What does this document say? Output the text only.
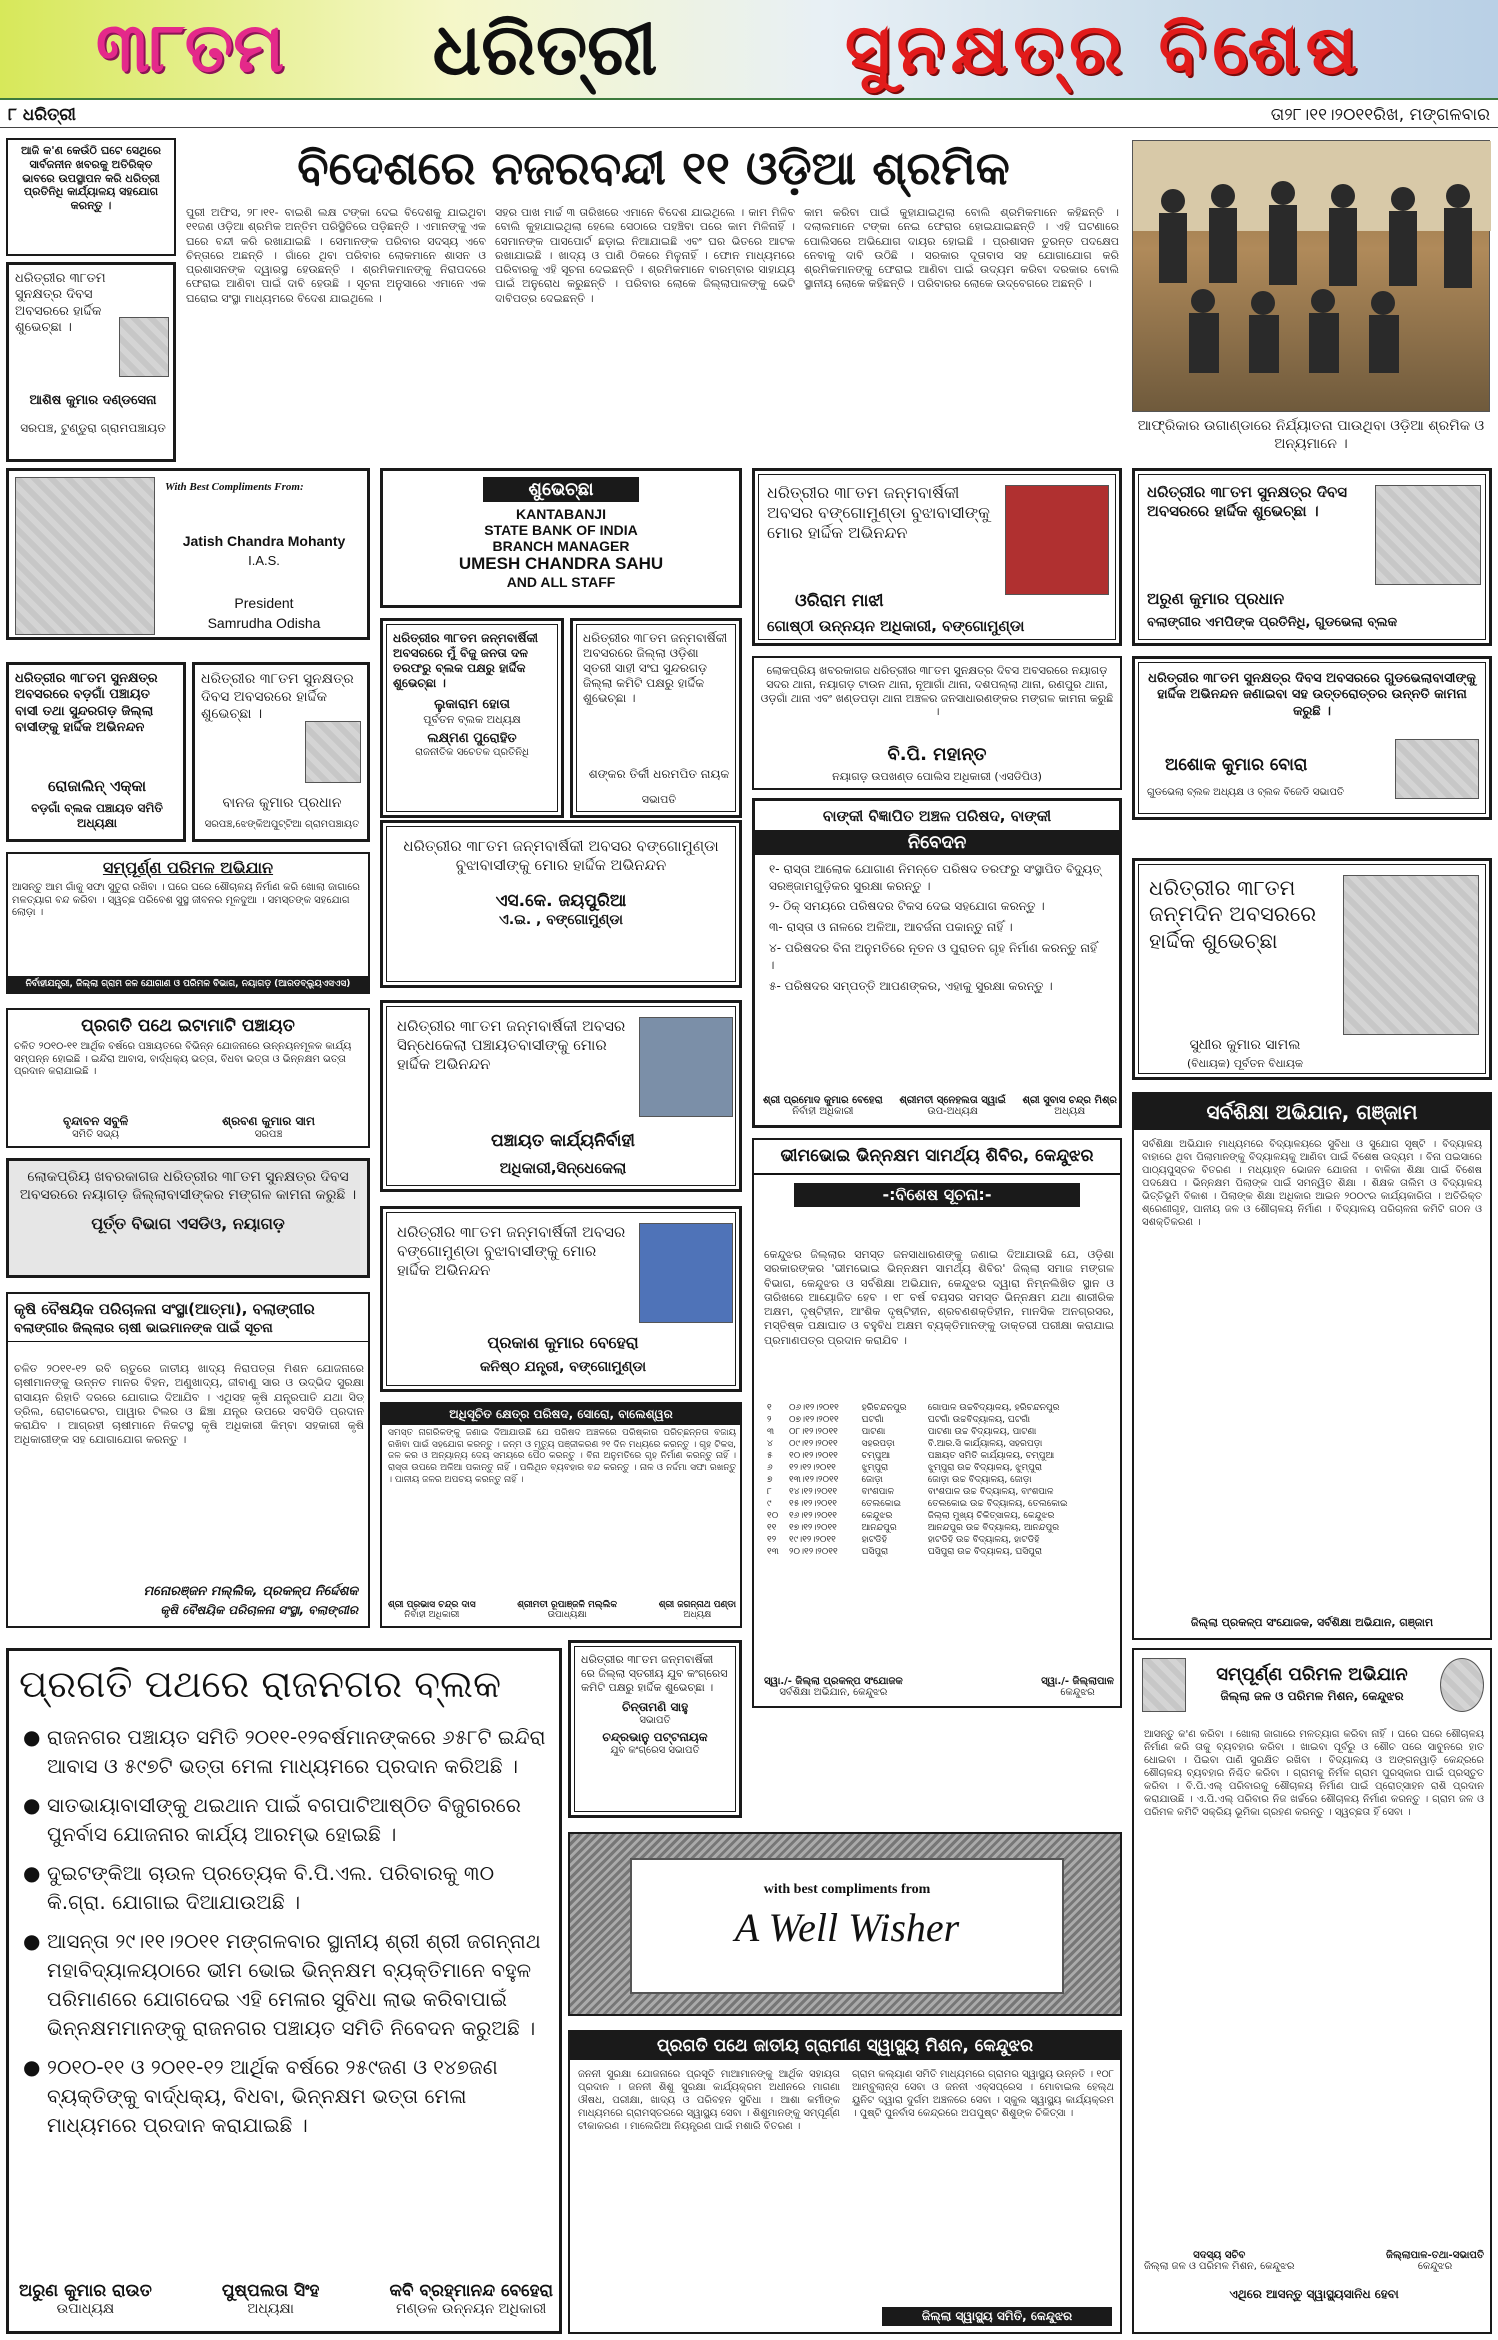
୩୮ତମ	ଧରିତ୍ରୀ	ସୁନକ୍ଷତ୍ର ବିଶେଷ
୮ ଧରିତ୍ରୀ	ତା୨୮।୧୧।୨୦୧୧ରିଖ, ମଙ୍ଗଳବାର
ଆଜି କ'ଣ କେଉଁଠି ଘଟେ ସେଥିରେ ସାର୍ବଜନୀନ ଖବରକୁ ଅତିରିକ୍ତ ଭାବରେ ଉପସ୍ଥାପନ କରି ଧରିତ୍ରୀ ପ୍ରତିନିଧି କାର୍ଯ୍ୟାଳୟ ସହଯୋଗ କରନ୍ତୁ ।
ଧରିତ୍ରୀର ୩୮ତମ ସୁନକ୍ଷତ୍ର ଦିବସ ଅବସରରେ ହାର୍ଦ୍ଦିକ ଶୁଭେଚ୍ଛା ।
ଆଶିଷ କୁମାର ଦଣ୍ଡସେନା
ସରପଞ୍ଚ, ଟୁଣ୍ଡୁରା ଗ୍ରାମପଞ୍ଚାୟତ
ବିଦେଶରେ ନଜରବନ୍ଦୀ ୧୧ ଓଡ଼ିଆ ଶ୍ରମିକ
ପୁରୀ ଅଫିସ, ୨୮।୧୧- ବାଇଶି ଲକ୍ଷ ଟଙ୍କା ଦେଇ ବିଦେଶକୁ ଯାଇଥିବା ୧୧ଜଣ ଓଡ଼ିଆ ଶ୍ରମିକ ଅନ୍ତିମ ପରିସ୍ଥିତିରେ ପଡ଼ିଛନ୍ତି । ଏମାନଙ୍କୁ ଏକ ଘରେ ବନ୍ଦୀ କରି ରଖାଯାଇଛି । ସେମାନଙ୍କ ପରିବାର ସଦସ୍ୟ ଏବେ ଚିନ୍ତାରେ ଅଛନ୍ତି । ଗାଁରେ ଥିବା ପରିବାର ଲୋକମାନେ ଶାସନ ଓ ପ୍ରଶାସନଙ୍କ ଦ୍ୱାରସ୍ଥ ହେଉଛନ୍ତି । ଶ୍ରମିକମାନଙ୍କୁ ନିରାପଦରେ ଫେରାଇ ଆଣିବା ପାଇଁ ଦାବି ହେଉଛି । ସୂଚନା ଅନୁସାରେ ଏମାନେ ଏକ ଘରୋଇ ସଂସ୍ଥା ମାଧ୍ୟମରେ ବିଦେଶ ଯାଇଥିଲେ ।
ସହର ପାଖ ମାର୍ଚ୍ଚ ୩ ତାରିଖରେ ଏମାନେ ବିଦେଶ ଯାଇଥିଲେ । କାମ ମିଳିବ ବୋଲି କୁହାଯାଇଥିଲା ହେଲେ ସେଠାରେ ପହଞ୍ଚିବା ପରେ କାମ ମିଳିନାହିଁ । ସେମାନଙ୍କ ପାସପୋର୍ଟ ଛଡ଼ାଇ ନିଆଯାଇଛି ଏବଂ ଘର ଭିତରେ ଆଟକ ରଖାଯାଇଛି । ଖାଦ୍ୟ ଓ ପାଣି ଠିକରେ ମିଳୁନାହିଁ । ଫୋନ ମାଧ୍ୟମରେ ପରିବାରକୁ ଏହି ସୂଚନା ଦେଇଛନ୍ତି । ଶ୍ରମିକମାନେ ବାରମ୍ବାର ସାହାଯ୍ୟ ପାଇଁ ଅନୁରୋଧ କରୁଛନ୍ତି । ପରିବାର ଲୋକେ ଜିଲ୍ଲାପାଳଙ୍କୁ ଭେଟି ଦାବିପତ୍ର ଦେଇଛନ୍ତି ।
କାମ କରିବା ପାଇଁ କୁହାଯାଇଥିଲା ବୋଲି ଶ୍ରମିକମାନେ କହିଛନ୍ତି । ଦଲାଲମାନେ ଟଙ୍କା ନେଇ ଫେରାର ହୋଇଯାଇଛନ୍ତି । ଏହି ଘଟଣାରେ ପୋଲିସରେ ଅଭିଯୋଗ ଦାୟର ହୋଇଛି । ପ୍ରଶାସନ ତୁରନ୍ତ ପଦକ୍ଷେପ ନେବାକୁ ଦାବି ଉଠିଛି । ସରକାର ଦୂତାବାସ ସହ ଯୋଗାଯୋଗ କରି ଶ୍ରମିକମାନଙ୍କୁ ଫେରାଇ ଆଣିବା ପାଇଁ ଉଦ୍ୟମ କରିବା ଦରକାର ବୋଲି ସ୍ଥାନୀୟ ଲୋକେ କହିଛନ୍ତି । ପରିବାରର ଲୋକେ ଉଦ୍‌ବେଗରେ ଅଛନ୍ତି ।
ଆଫ୍ରିକାର ଉଗାଣ୍ଡାରେ ନିର୍ଯ୍ୟାତନା ପାଉଥିବା ଓଡ଼ିଆ ଶ୍ରମିକ ଓ ଅନ୍ୟମାନେ ।
With Best Compliments From:
Jatish Chandra Mohanty
I.A.S.
President
Samrudha Odisha
ଶୁଭେଚ୍ଛା
KANTABANJI
STATE BANK OF INDIA
BRANCH MANAGER
UMESH CHANDRA SAHU
AND ALL STAFF
ଧରିତ୍ରୀର ୩୮ତମ ଜନ୍ମବାର୍ଷିକୀ ଅବସର ବଙ୍ଗୋମୁଣ୍ଡା ବୁଝାବାସୀଙ୍କୁ ମୋର ହାର୍ଦ୍ଦିକ ଅଭିନନ୍ଦନ
ଓରିରାମ ମାଝୀ
ଗୋଷ୍ଠୀ ଉନ୍ନୟନ ଅଧିକାରୀ, ବଙ୍ଗୋମୁଣ୍ଡା
ଧରିତ୍ରୀର ୩୮ତମ ସୁନକ୍ଷତ୍ର ଦିବସ ଅବସରରେ ହାର୍ଦ୍ଦିକ ଶୁଭେଚ୍ଛା ।
ଅରୁଣ କୁମାର ପ୍ରଧାନ
ବଲାଙ୍ଗୀର ଏମପିଙ୍କ ପ୍ରତିନିଧି, ଗୁଡଭେଲା ବ୍ଲକ
ଧରିତ୍ରୀର ୩୮ତମ ସୁନକ୍ଷତ୍ର ଅବସରରେ ବଡ଼ଗାଁ ପଞ୍ଚାୟତ ବାସୀ ତଥା ସୁନ୍ଦରଗଡ଼ ଜିଲ୍ଲା ବାସୀଙ୍କୁ ହାର୍ଦ୍ଦିକ ଅଭିନନ୍ଦନ
ରୋଜାଲିନ୍ ଏକ୍କା
ବଡ଼ଗାଁ ବ୍ଲକ ପଞ୍ଚାୟତ ସମିତି ଅଧ୍ୟକ୍ଷା
ଧରିତ୍ରୀର ୩୮ତମ ସୁନକ୍ଷତ୍ର ଦିବସ ଅବସରରେ ହାର୍ଦ୍ଦିକ ଶୁଭେଚ୍ଛା ।
ବାନଜ କୁମାର ପ୍ରଧାନ
ସରପଞ୍ଚ,ଝେଙ୍କିଅପୁଟ୍ଟିଆ ଗ୍ରାମପଞ୍ଚାୟତ
ଧରିତ୍ରୀର ୩୮ତମ ଜନ୍ମବାର୍ଷିକୀ ଅବସରରେ ମୁଁ ବିଜୁ ଜନତା ଦଳ ତରଫରୁ ବ୍ଲକ ପକ୍ଷରୁ ହାର୍ଦ୍ଦିକ ଶୁଭେଚ୍ଛା ।
ଲୁକାରାମ ହୋତା
ପୂର୍ବତନ ବ୍ଲକ ଅଧ୍ୟକ୍ଷ
ଲକ୍ଷ୍ମଣ ପୁରୋହିତ
ରାଜନୀତିକ ସଚେତକ ପ୍ରତିନିଧି
ଧରିତ୍ରୀର ୩୮ତମ ଜନ୍ମବାର୍ଷିକୀ ଅବସରରେ ଜିଲ୍ଲା ଓଡ଼ିଶା ସ୍ତରୀ ସାହୀ ସଂଘ ସୁନ୍ଦରଗଡ଼ ଜିଲ୍ଲା କମିଟି ପକ୍ଷରୁ ହାର୍ଦ୍ଦିକ ଶୁଭେଚ୍ଛା ।
ଶଙ୍କର ତିର୍କୀ ଧରମପିତ ନାୟକ
ସଭାପତି
ଲୋକପ୍ରିୟ ଖବରକାଗଜ ଧରିତ୍ରୀର ୩୮ତମ ସୁନକ୍ଷତ୍ର ଦିବସ ଅବସରରେ ନୟାଗଡ଼ ସଦର ଥାନା, ନୟାଗଡ଼ ଟାଉନ ଥାନା, ନୂଆଗାଁ ଥାନା, ଦଶପଲ୍ଲା ଥାନା, ରଣପୁର ଥାନା, ଓଡ଼ଗାଁ ଥାନା ଏବଂ ଖଣ୍ଡପଡ଼ା ଥାନା ଅଞ୍ଚଳର ଜନସାଧାରଣଙ୍କର ମଙ୍ଗଳ କାମନା କରୁଛି ।
ବି.ପି. ମହାନ୍ତ
ନୟାଗଡ଼ ଉପଖଣ୍ଡ ପୋଲିସ ଅଧିକାରୀ (ଏସଡିପିଓ)
ଧରିତ୍ରୀର ୩୮ତମ ସୁନକ୍ଷତ୍ର ଦିବସ ଅବସରରେ ଗୁଡଭେଲାବାସୀଙ୍କୁ ହାର୍ଦ୍ଦିକ ଅଭିନନ୍ଦନ ଜଣାଇବା ସହ ଉତ୍ତରୋତ୍ତର ଉନ୍ନତି କାମନା କରୁଛି ।
ଅଶୋକ କୁମାର ବୋରା
ଗୁଡଭେଲା ବ୍ଲକ ଅଧ୍ୟକ୍ଷ ଓ ବ୍ଲକ ବିଜେଡି ସଭାପତି
ସମ୍ପୂର୍ଣ୍ଣ ପରିମଳ ଅଭିଯାନ
ଆସନ୍ତୁ ଆମ ଗାଁକୁ ସଫା ସୁତୁରା ରଖିବା । ଘରେ ଘରେ ଶୌଚାଳୟ ନିର୍ମାଣ କରି ଖୋଲା ଜାଗାରେ ମଳତ୍ୟାଗ ବନ୍ଦ କରିବା । ସ୍ୱଚ୍ଛ ପରିବେଶ ସୁସ୍ଥ ଜୀବନର ମୂଳଦୁଆ । ସମସ୍ତଙ୍କ ସହଯୋଗ ଲୋଡ଼ା ।
ନିର୍ବାହୀଯନ୍ତ୍ରୀ, ଜିଲ୍ଲା ଗ୍ରାମ ଜଳ ଯୋଗାଣ ଓ ପରିମଳ ବିଭାଗ, ନୟାଗଡ଼ (ଆରଡବ୍ଲ୍ୟୁଏସଏସ)
ଧରିତ୍ରୀର ୩୮ତମ ଜନ୍ମବାର୍ଷିକୀ ଅବସର ବଙ୍ଗୋମୁଣ୍ଡା ବୁଝାବାସୀଙ୍କୁ ମୋର ହାର୍ଦ୍ଦିକ ଅଭିନନ୍ଦନ
ଏସ.କେ. ଜୟପୁରିଆ
ଏ.ଇ. , ବଙ୍ଗୋମୁଣ୍ଡା
ବାଙ୍କୀ ବିଜ୍ଞାପିତ ଅଞ୍ଚଳ ପରିଷଦ, ବାଙ୍କୀ
ନିବେଦନ
୧- ରାସ୍ତା ଆଲୋକ ଯୋଗାଣ ନିମନ୍ତେ ପରିଷଦ ତରଫରୁ ସଂସ୍ଥାପିତ ବିଦ୍ୟୁତ୍ ସରଞ୍ଜାମଗୁଡ଼ିକର ସୁରକ୍ଷା କରନ୍ତୁ ।
୨- ଠିକ୍ ସମୟରେ ପରିଷଦର ଟିକସ ଦେଇ ସହଯୋଗ କରନ୍ତୁ ।
୩- ରାସ୍ତା ଓ ନାଳରେ ଅଳିଆ, ଆବର୍ଜନା ପକାନ୍ତୁ ନାହିଁ ।
୪- ପରିଷଦର ବିନା ଅନୁମତିରେ ନୂତନ ଓ ପୁରାତନ ଗୃହ ନିର୍ମାଣ କରନ୍ତୁ ନାହିଁ ।
୫- ପରିଷଦର ସମ୍ପତ୍ତି ଆପଣଙ୍କର, ଏହାକୁ ସୁରକ୍ଷା କରନ୍ତୁ ।
ଶ୍ରୀ ପ୍ରମୋଦ କୁମାର ବେହେରା
ନିର୍ବାହୀ ଅଧିକାରୀ
ଶ୍ରୀମତୀ ସ୍ନେହଲତା ସ୍ୱାଇଁ
ଉପ-ଅଧ୍ୟକ୍ଷ
ଶ୍ରୀ ସୁବାସ ଚନ୍ଦ୍ର ମିଶ୍ର
ଅଧ୍ୟକ୍ଷ
ଧରିତ୍ରୀର ୩୮ତମ ଜନ୍ମଦିନ ଅବସରରେ ହାର୍ଦ୍ଦିକ ଶୁଭେଚ୍ଛା
ସୁଧୀର କୁମାର ସାମଲ
(ବିଧାୟକ) ପୂର୍ବତନ ବିଧାୟକ
ପ୍ରଗତି ପଥେ ଇଟାମାଟି ପଞ୍ଚାୟତ
ଚଳିତ ୨୦୧୦-୧୧ ଆର୍ଥିକ ବର୍ଷରେ ପଞ୍ଚାୟତରେ ବିଭିନ୍ନ ଯୋଜନାରେ ଉନ୍ନୟନମୂଳକ କାର୍ଯ୍ୟ ସମ୍ପନ୍ନ ହୋଇଛି । ଇନ୍ଦିରା ଆବାସ, ବାର୍ଦ୍ଧକ୍ୟ ଭତ୍ତା, ବିଧବା ଭତ୍ତା ଓ ଭିନ୍ନକ୍ଷମ ଭତ୍ତା ପ୍ରଦାନ କରାଯାଇଛି ।
ବୃନ୍ଦାବନ ସବୁଳି
ସମିତି ସଭ୍ୟ
ଶ୍ରବଣ କୁମାର ସାମ
ସରପଞ୍ଚ
ଧରିତ୍ରୀର ୩୮ତମ ଜନ୍ମବାର୍ଷିକୀ ଅବସର ସିନ୍ଧେକେଲା ପଞ୍ଚାୟତବାସୀଙ୍କୁ ମୋର ହାର୍ଦ୍ଦିକ ଅଭିନନ୍ଦନ
ପଞ୍ଚାୟତ କାର୍ଯ୍ୟନିର୍ବାହୀ
ଅଧିକାରୀ,ସିନ୍ଧେକେଲା
ଲୋକପ୍ରିୟ ଖବରକାଗଜ ଧରିତ୍ରୀର ୩୮ତମ ସୁନକ୍ଷତ୍ର ଦିବସ ଅବସରରେ ନୟାଗଡ଼ ଜିଲ୍ଲାବାସୀଙ୍କର ମଙ୍ଗଳ କାମନା କରୁଛି ।
ପୂର୍ତ୍ତ ବିଭାଗ ଏସଡିଓ, ନୟାଗଡ଼
ସର୍ବଶିକ୍ଷା ଅଭିଯାନ, ଗଞ୍ଜାମ
ସର୍ବଶିକ୍ଷା ଅଭିଯାନ ମାଧ୍ୟମରେ ବିଦ୍ୟାଳୟରେ ସୁବିଧା ଓ ସୁଯୋଗ ସୃଷ୍ଟି । ବିଦ୍ୟାଳୟ ବାହାରେ ଥିବା ପିଲାମାନଙ୍କୁ ବିଦ୍ୟାଳୟକୁ ଆଣିବା ପାଇଁ ବିଶେଷ ଉଦ୍ୟମ । ବିନା ପଇସାରେ ପାଠ୍ୟପୁସ୍ତକ ବିତରଣ । ମଧ୍ୟାହ୍ନ ଭୋଜନ ଯୋଜନା । ବାଳିକା ଶିକ୍ଷା ପାଇଁ ବିଶେଷ ପଦକ୍ଷେପ । ଭିନ୍ନକ୍ଷମ ପିଲାଙ୍କ ପାଇଁ ସମନ୍ୱିତ ଶିକ୍ଷା । ଶିକ୍ଷକ ତାଲିମ ଓ ବିଦ୍ୟାଳୟ ଭିତ୍ତିଭୂମି ବିକାଶ । ପିଲାଙ୍କ ଶିକ୍ଷା ଅଧିକାର ଆଇନ ୨୦୦୯ର କାର୍ଯ୍ୟକାରିତା । ଅତିରିକ୍ତ ଶ୍ରେଣୀଗୃହ, ପାନୀୟ ଜଳ ଓ ଶୌଚାଳୟ ନିର୍ମାଣ । ବିଦ୍ୟାଳୟ ପରିଚାଳନା କମିଟି ଗଠନ ଓ ସଶକ୍ତିକରଣ ।
ଜିଲ୍ଲା ପ୍ରକଳ୍ପ ସଂଯୋଜକ, ସର୍ବଶିକ୍ଷା ଅଭିଯାନ, ଗଞ୍ଜାମ
ଭୀମଭୋଇ ଭିନ୍ନକ୍ଷମ ସାମର୍ଥ୍ୟ ଶିବିର, କେନ୍ଦୁଝର
-:ବିଶେଷ ସୂଚନା:-
କେନ୍ଦୁଝର ଜିଲ୍ଲାର ସମସ୍ତ ଜନସାଧାରଣଙ୍କୁ ଜଣାଇ ଦିଆଯାଉଛି ଯେ, ଓଡ଼ିଶା ସରକାରଙ୍କର 'ଭୀମଭୋଇ ଭିନ୍ନକ୍ଷମ ସାମର୍ଥ୍ୟ ଶିବିର' ଜିଲ୍ଲା ସମାଜ ମଙ୍ଗଳ ବିଭାଗ, କେନ୍ଦୁଝର ଓ ସର୍ବଶିକ୍ଷା ଅଭିଯାନ, କେନ୍ଦୁଝର ଦ୍ୱାରା ନିମ୍ନଲିଖିତ ସ୍ଥାନ ଓ ତାରିଖରେ ଆୟୋଜିତ ହେବ । ୧୮ ବର୍ଷ ବୟସର ସମସ୍ତ ଭିନ୍ନକ୍ଷମ ଯଥା ଶାରୀରିକ ଅକ୍ଷମ, ଦୃଷ୍ଟିହୀନ, ଆଂଶିକ ଦୃଷ୍ଟିହୀନ, ଶ୍ରବଣଶକ୍ତିହୀନ, ମାନସିକ ଅନଗ୍ରସର, ମସ୍ତିଷ୍କ ପକ୍ଷାଘାତ ଓ ବହୁବିଧ ଅକ୍ଷମ ବ୍ୟକ୍ତିମାନଙ୍କୁ ଡାକ୍ତରୀ ପରୀକ୍ଷା କରାଯାଇ ପ୍ରମାଣପତ୍ର ପ୍ରଦାନ କରାଯିବ ।
୧	୦୬।୧୨।୨୦୧୧	ହରିଚନ୍ଦନପୁର	ଗୋପାଳ ଉଚ୍ଚବିଦ୍ୟାଳୟ, ହରିଚନ୍ଦନପୁର
୨	୦୭।୧୨।୨୦୧୧	ଘଟଗାଁ	ଘଟଗାଁ ଉଚ୍ଚବିଦ୍ୟାଳୟ, ଘଟଗାଁ
୩	୦୮।୧୨।୨୦୧୧	ପାଟଣା	ପାଟଣା ଉଚ୍ଚ ବିଦ୍ୟାଳୟ, ପାଟଣା
୪	୦୯।୧୨।୨୦୧୧	ସହରପଡ଼ା	ବି.ଆର.ସି କାର୍ଯ୍ୟାଳୟ, ସହରପଡ଼ା
୫	୧୦।୧୨।୨୦୧୧	ଚମ୍ପୁଆ	ପଞ୍ଚାୟତ ସମିତି କାର୍ଯ୍ୟାଳୟ, ଚମ୍ପୁଆ
୬	୧୨।୧୨।୨୦୧୧	ଝୁମ୍ପୁରା	ଝୁମ୍ପୁରା ଉଚ୍ଚ ବିଦ୍ୟାଳୟ, ଝୁମ୍ପୁରା
୭	୧୩।୧୨।୨୦୧୧	ଜୋଡ଼ା	ଜୋଡ଼ା ଉଚ୍ଚ ବିଦ୍ୟାଳୟ, ଜୋଡ଼ା
୮	୧୪।୧୨।୨୦୧୧	ବାଂଶପାଳ	ବାଂଶପାଳ ଉଚ୍ଚ ବିଦ୍ୟାଳୟ, ବାଂଶପାଳ
୯	୧୫।୧୨।୨୦୧୧	ତେଲକୋଇ	ତେଲକୋଇ ଉଚ୍ଚ ବିଦ୍ୟାଳୟ, ତେଲକୋଇ
୧୦	୧୬।୧୨।୨୦୧୧	କେନ୍ଦୁଝର	ଜିଲ୍ଲା ମୁଖ୍ୟ ଚିକିତ୍ସାଳୟ, କେନ୍ଦୁଝର
୧୧	୧୭।୧୨।୨୦୧୧	ଆନନ୍ଦପୁର	ଆନନ୍ଦପୁର ଉଚ୍ଚ ବିଦ୍ୟାଳୟ, ଆନନ୍ଦପୁର
୧୨	୧୯।୧୨।୨୦୧୧	ହାଟଡିହି	ହାଟଡିହି ଉଚ୍ଚ ବିଦ୍ୟାଳୟ, ହାଟଡିହି
୧୩	୨୦।୧୨।୨୦୧୧	ଘସିପୁରା	ଘସିପୁରା ଉଚ୍ଚ ବିଦ୍ୟାଳୟ, ଘସିପୁରା
ସ୍ୱା./- ଜିଲ୍ଲା ପ୍ରକଳ୍ପ ସଂଯୋଜକ
ସର୍ବଶିକ୍ଷା ଅଭିଯାନ, କେନ୍ଦୁଝର
ସ୍ୱା./- ଜିଲ୍ଲାପାଳ
କେନ୍ଦୁଝର
ଧରିତ୍ରୀର ୩୮ତମ ଜନ୍ମବାର୍ଷିକୀ ଅବସର ବଙ୍ଗୋମୁଣ୍ଡା ବୁଝାବାସୀଙ୍କୁ ମୋର ହାର୍ଦ୍ଦିକ ଅଭିନନ୍ଦନ
ପ୍ରକାଶ କୁମାର ବେହେରା
କନିଷ୍ଠ ଯନ୍ତ୍ରୀ, ବଙ୍ଗୋମୁଣ୍ଡା
କୃଷି ବୈଷୟିକ ପରିଚାଳନା ସଂସ୍ଥା(ଆତ୍ମା), ବଲାଙ୍ଗୀର
ବଲାଙ୍ଗୀର ଜିଲ୍ଲାର ଚାଷୀ ଭାଇମାନଙ୍କ ପାଇଁ ସୂଚନା
ଚଳିତ ୨୦୧୧-୧୨ ରବି ଋତୁରେ ଜାତୀୟ ଖାଦ୍ୟ ନିରାପତ୍ତା ମିଶନ ଯୋଜନାରେ ଚାଷୀମାନଙ୍କୁ ଉନ୍ନତ ମାନର ବିହନ, ଅଣୁଖାଦ୍ୟ, ଜୀବାଣୁ ସାର ଓ ଉଦ୍ଭିଦ ସୁରକ୍ଷା ରାସାୟନ ରିହାତି ଦରରେ ଯୋଗାଇ ଦିଆଯିବ । ଏଥିସହ କୃଷି ଯନ୍ତ୍ରପାତି ଯଥା ସିଡ୍ ଡ୍ରିଲ, ରୋଟାଭେଟର, ପାୱାର ଟିଲର ଓ ଛିଞ୍ଚା ଯନ୍ତ୍ର ଉପରେ ସବସିଡି ପ୍ରଦାନ କରାଯିବ । ଆଗ୍ରହୀ ଚାଷୀମାନେ ନିକଟସ୍ଥ କୃଷି ଅଧିକାରୀ କିମ୍ବା ସହକାରୀ କୃଷି ଅଧିକାରୀଙ୍କ ସହ ଯୋଗାଯୋଗ କରନ୍ତୁ ।
ମନୋରଞ୍ଜନ ମଲ୍ଲିକ, ପ୍ରକଳ୍ପ ନିର୍ଦ୍ଦେଶକ
କୃଷି ବୈଷୟିକ ପରିଚାଳନା ସଂସ୍ଥା, ବଲାଙ୍ଗୀର
ଅଧିସୂଚିତ କ୍ଷେତ୍ର ପରିଷଦ, ସୋରୋ, ବାଲେଶ୍ୱର
ସମସ୍ତ ନାଗରିକଙ୍କୁ ଜଣାଇ ଦିଆଯାଉଛି ଯେ ପରିଷଦ ଅଞ୍ଚଳରେ ପରିଷ୍କାର ପରିଚ୍ଛନ୍ନତା ବଜାୟ ରଖିବା ପାଇଁ ସହଯୋଗ କରନ୍ତୁ । ଜନ୍ମ ଓ ମୃତ୍ୟୁ ପଞ୍ଜୀକରଣ ୨୧ ଦିନ ମଧ୍ୟରେ କରନ୍ତୁ । ଗୃହ ଟିକସ, ଜଳ କର ଓ ଅନ୍ୟାନ୍ୟ ଦେୟ ସମୟରେ ପୈଠ କରନ୍ତୁ । ବିନା ଅନୁମତିରେ ଗୃହ ନିର୍ମାଣ କରନ୍ତୁ ନାହିଁ । ରାସ୍ତା ଉପରେ ଅଳିଆ ପକାନ୍ତୁ ନାହିଁ । ପଲିଥିନ ବ୍ୟବହାର ବନ୍ଦ କରନ୍ତୁ । ନାଳ ଓ ନର୍ଦ୍ଦମା ସଫା ରଖନ୍ତୁ । ପାନୀୟ ଜଳର ଅପଚୟ କରନ୍ତୁ ନାହିଁ ।
ଶ୍ରୀ ପ୍ରଭାସ ଚନ୍ଦ୍ର ଦାସ
ନିର୍ବାହୀ ଅଧିକାରୀ
ଶ୍ରୀମତୀ ରୂପାଞ୍ଜଳି ମଲ୍ଲିକ
ଉପାଧ୍ୟକ୍ଷା
ଶ୍ରୀ ଜଗନ୍ନାଥ ପଣ୍ଡା
ଅଧ୍ୟକ୍ଷ
ପ୍ରଗତି ପଥରେ ରାଜନଗର ବ୍ଲକ
● ରାଜନଗର ପଞ୍ଚାୟତ ସମିତି ୨୦୧୧-୧୨ବର୍ଷମାନଙ୍କରେ ୬୫୮ଟି ଇନ୍ଦିରା ଆବାସ ଓ ୫୯୭ଟି ଭତ୍ତା ମେଳା ମାଧ୍ୟମରେ ପ୍ରଦାନ କରିଅଛି ।
● ସାତଭାୟାବାସୀଙ୍କୁ ଥଇଥାନ ପାଇଁ ବଗପାଟିଆଷ୍ଠିତ ବିଜୁଗରରେ ପୁନର୍ବାସ ଯୋଜନାର କାର୍ଯ୍ୟ ଆରମ୍ଭ ହୋଇଛି ।
● ଦୁଇଟଙ୍କିଆ ଚାଉଳ ପ୍ରତ୍ୟେକ ବି.ପି.ଏଲ. ପରିବାରକୁ ୩୦ କି.ଗ୍ରା. ଯୋଗାଇ ଦିଆଯାଉଅଛି ।
● ଆସନ୍ତା ୨୯।୧୧।୨୦୧୧ ମଙ୍ଗଳବାର ସ୍ଥାନୀୟ ଶ୍ରୀ ଶ୍ରୀ ଜଗନ୍ନାଥ ମହାବିଦ୍ୟାଳୟଠାରେ ଭୀମ ଭୋଇ ଭିନ୍ନକ୍ଷମ ବ୍ୟକ୍ତିମାନେ ବହୁଳ ପରିମାଣରେ ଯୋଗଦେଇ ଏହି ମେଳାର ସୁବିଧା ଲାଭ କରିବାପାଇଁ ଭିନ୍ନକ୍ଷମମାନଙ୍କୁ ରାଜନଗର ପଞ୍ଚାୟତ ସମିତି ନିବେଦନ କରୁଅଛି ।
● ୨୦୧୦-୧୧ ଓ ୨୦୧୧-୧୨ ଆର୍ଥିକ ବର୍ଷରେ ୨୫୯ଜଣ ଓ ୧୪୭ଜଣ ବ୍ୟକ୍ତିଙ୍କୁ ବାର୍ଦ୍ଧକ୍ୟ, ବିଧବା, ଭିନ୍ନକ୍ଷମ ଭତ୍ତା ମେଳା ମାଧ୍ୟମରେ ପ୍ରଦାନ କରାଯାଇଛି ।
ଅରୁଣ କୁମାର ରାଉତ
ଉପାଧ୍ୟକ୍ଷ
ପୁଷ୍ପଲତା ସିଂହ
ଅଧ୍ୟକ୍ଷା
କବି ବ୍ରହ୍ମାନନ୍ଦ ବେହେରା
ମଣ୍ଡଳ ଉନ୍ନୟନ ଅଧିକାରୀ
ଧରିତ୍ରୀର ୩୮ତମ ଜନ୍ମବାର୍ଷିକୀ ରେ ଜିଲ୍ଲା ସ୍ତରୀୟ ଯୁବ କଂଗ୍ରେସ କମିଟି ପକ୍ଷରୁ ହାର୍ଦ୍ଦିକ ଶୁଭେଚ୍ଛା ।
ଚିନ୍ତାମଣି ସାହୁ
ସଭାପତି
ଚନ୍ଦ୍ରଭାନୁ ପଟ୍ଟନାୟକ
ଯୁବ କଂଗ୍ରେସ ସଭାପତି
with best compliments from
A Well Wisher
ପ୍ରଗତି ପଥେ ଜାତୀୟ ଗ୍ରାମୀଣ ସ୍ୱାସ୍ଥ୍ୟ ମିଶନ, କେନ୍ଦୁଝର
ଜନନୀ ସୁରକ୍ଷା ଯୋଜନାରେ ପ୍ରସୂତି ମାଆମାନଙ୍କୁ ଆର୍ଥିକ ସହାୟତା ପ୍ରଦାନ । ଜନନୀ ଶିଶୁ ସୁରକ୍ଷା କାର୍ଯ୍ୟକ୍ରମ ଅଧୀନରେ ମାଗଣା ଔଷଧ, ପରୀକ୍ଷା, ଖାଦ୍ୟ ଓ ପରିବହନ ସୁବିଧା । ଆଶା କର୍ମୀଙ୍କ ମାଧ୍ୟମରେ ଗ୍ରାମସ୍ତରରେ ସ୍ୱାସ୍ଥ୍ୟ ସେବା । ଶିଶୁମାନଙ୍କୁ ସମ୍ପୂର୍ଣ୍ଣ ଟୀକାକରଣ । ମାଲେରିଆ ନିୟନ୍ତ୍ରଣ ପାଇଁ ମଶାରି ବିତରଣ ।
ଗ୍ରାମ କଲ୍ୟାଣ ସମିତି ମାଧ୍ୟମରେ ଗ୍ରାମର ସ୍ୱାସ୍ଥ୍ୟ ଉନ୍ନତି । ୧୦୮ ଆମ୍ବୁଲାନ୍ସ ସେବା ଓ ଜନନୀ ଏକ୍ସପ୍ରେସ । ମୋବାଇଲ ହେଲ୍ଥ ୟୁନିଟ ଦ୍ୱାରା ଦୁର୍ଗମ ଅଞ୍ଚଳରେ ସେବା । ସ୍କୁଲ ସ୍ୱାସ୍ଥ୍ୟ କାର୍ଯ୍ୟକ୍ରମ । ପୁଷ୍ଟି ପୁନର୍ବାସ କେନ୍ଦ୍ରରେ ଅପପୁଷ୍ଟ ଶିଶୁଙ୍କ ଚିକିତ୍ସା ।
ଜିଲ୍ଲା ସ୍ୱାସ୍ଥ୍ୟ ସମିତି, କେନ୍ଦୁଝର
ସମ୍ପୂର୍ଣ୍ଣ ପରିମଳ ଅଭିଯାନ
ଜିଲ୍ଲା ଜଳ ଓ ପରିମଳ ମିଶନ, କେନ୍ଦୁଝର
ଆସନ୍ତୁ କ'ଣ କରିବା । ଖୋଲା ଜାଗାରେ ମଳତ୍ୟାଗ କରିବା ନାହିଁ । ଘରେ ଘରେ ଶୌଚାଳୟ ନିର୍ମାଣ କରି ତାକୁ ବ୍ୟବହାର କରିବା । ଖାଇବା ପୂର୍ବରୁ ଓ ଶୌଚ ପରେ ସାବୁନରେ ହାତ ଧୋଇବା । ପିଇବା ପାଣି ସୁରକ୍ଷିତ ରଖିବା । ବିଦ୍ୟାଳୟ ଓ ଅଙ୍ଗନୱାଡ଼ି କେନ୍ଦ୍ରରେ ଶୌଚାଳୟ ବ୍ୟବହାର ନିଶ୍ଚିତ କରିବା । ଗ୍ରାମକୁ ନିର୍ମଳ ଗ୍ରାମ ପୁରସ୍କାର ପାଇଁ ପ୍ରସ୍ତୁତ କରିବା । ବି.ପି.ଏଲ୍ ପରିବାରକୁ ଶୌଚାଳୟ ନିର୍ମାଣ ପାଇଁ ପ୍ରୋତ୍ସାହନ ରାଶି ପ୍ରଦାନ କରାଯାଉଛି । ଏ.ପି.ଏଲ୍ ପରିବାର ନିଜ ଖର୍ଚ୍ଚରେ ଶୌଚାଳୟ ନିର୍ମାଣ କରନ୍ତୁ । ଗ୍ରାମ ଜଳ ଓ ପରିମଳ କମିଟି ସକ୍ରିୟ ଭୂମିକା ଗ୍ରହଣ କରନ୍ତୁ । ସ୍ୱଚ୍ଛତା ହିଁ ସେବା ।
ସଦସ୍ୟ ସଚିବ
ଜିଲ୍ଲା ଜଳ ଓ ପରିମଳ ମିଶନ, କେନ୍ଦୁଝର
ଜିଲ୍ଲାପାଳ-ତଥା-ସଭାପତି
କେନ୍ଦୁଝର
ଏଥିରେ ଆସନ୍ତୁ ସ୍ୱାସ୍ଥ୍ୟସାନିଧ ହେବା
